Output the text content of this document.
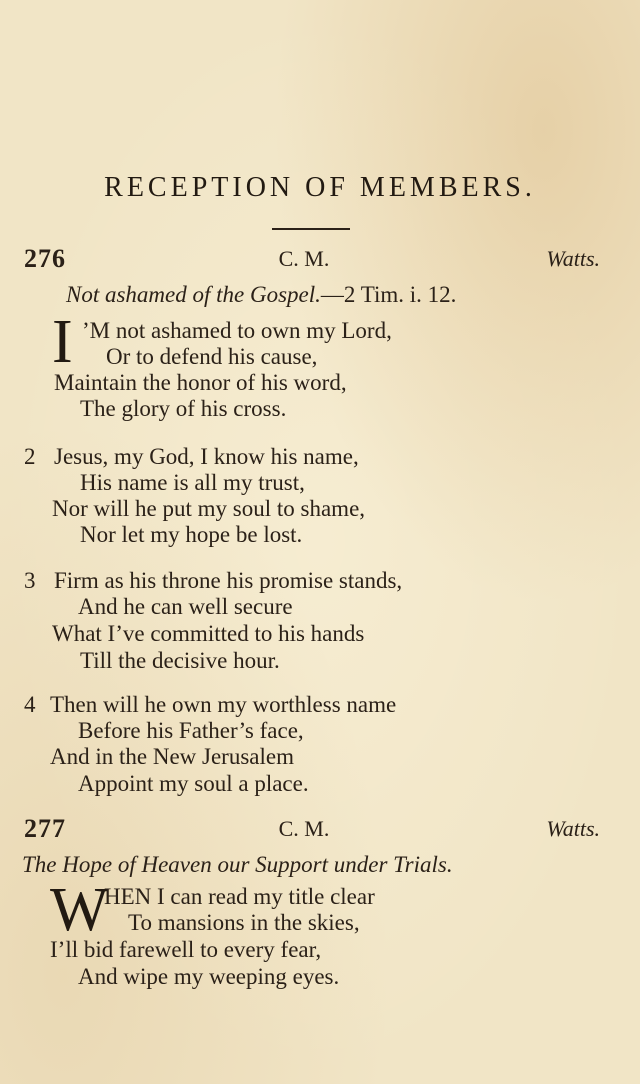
RECEPTION OF MEMBERS.
276	C. M.	Watts.
Not ashamed of the Gospel.—2 Tim. i. 12.
I ’M not ashamed to own my Lord,
Or to defend his cause,
Maintain the honor of his word,
The glory of his cross.
2 Jesus, my God, I know his name,
His name is all my trust,
Nor will he put my soul to shame,
Nor let my hope be lost.
3 Firm as his throne his promise stands,
And he can well secure
What I’ve committed to his hands
Till the decisive hour.
4 Then will he own my worthless name
Before his Father’s face,
And in the New Jerusalem
Appoint my soul a place.
277	C. M.	Watts.
The Hope of Heaven our Support under Trials.
W
HEN I can read my title clear
To mansions in the skies,
I’ll bid farewell to every fear,
And wipe my weeping eyes.
